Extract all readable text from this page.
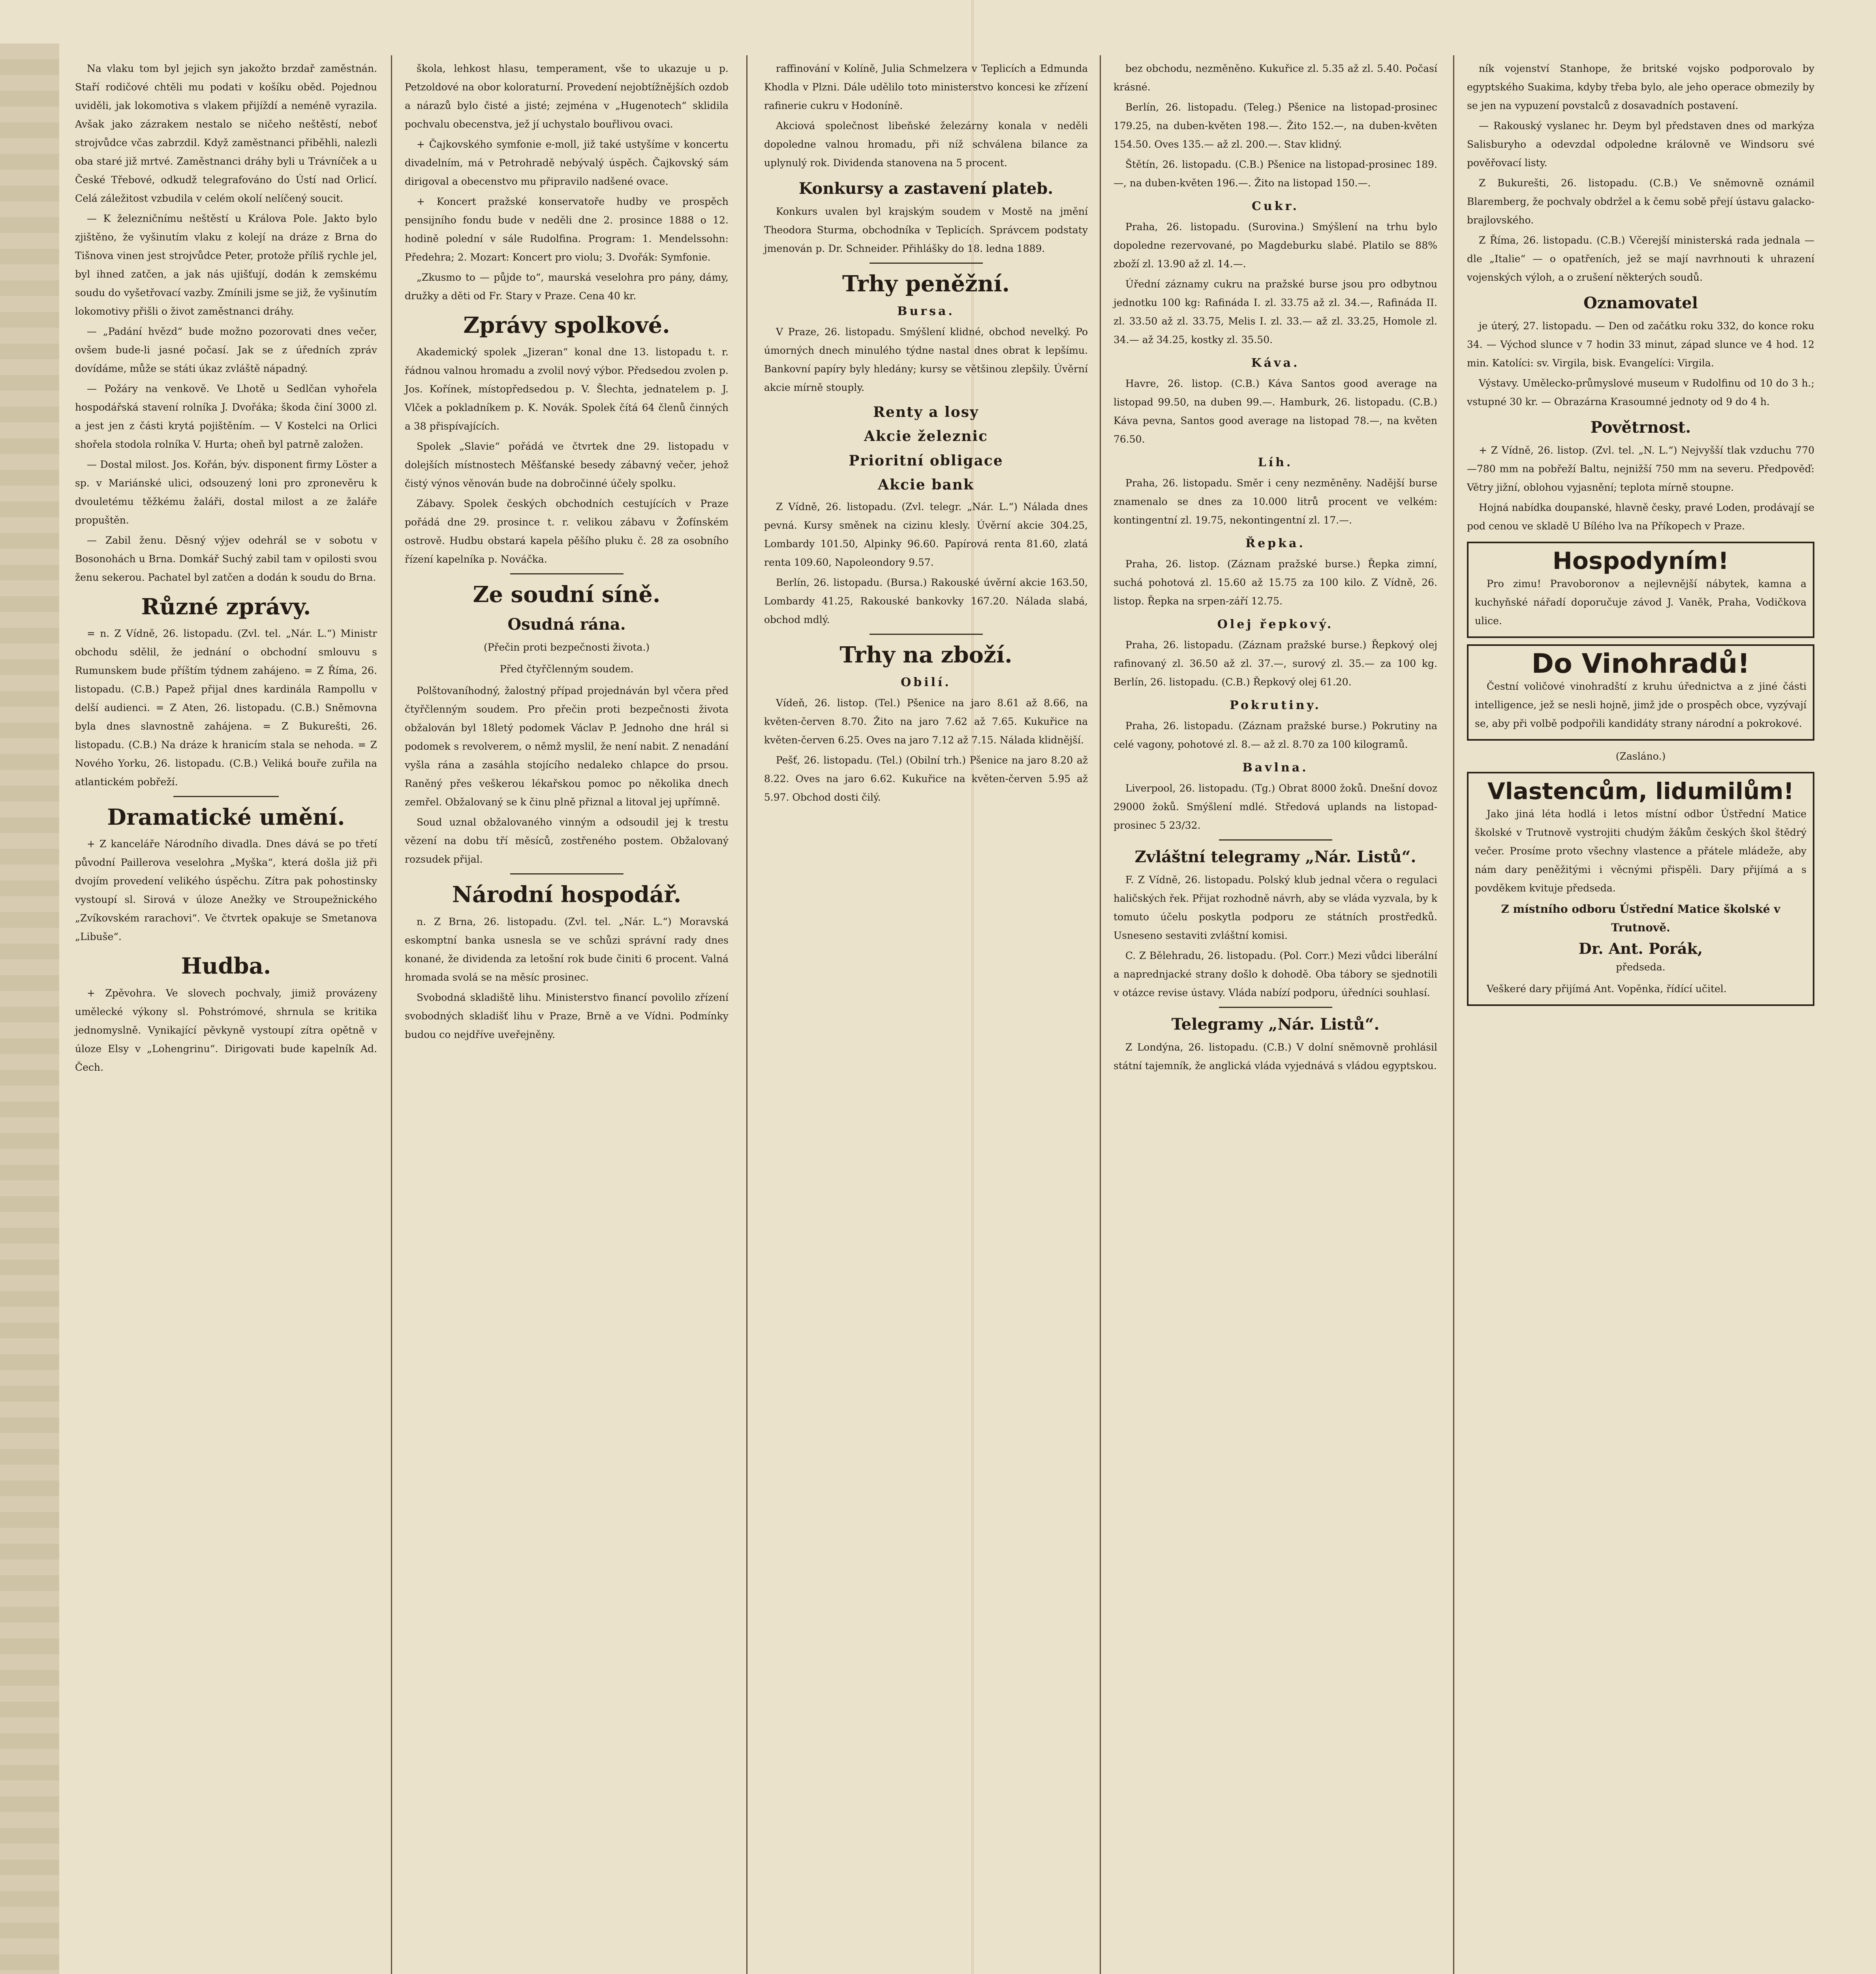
Na vlaku tom byl jejich syn jakožto brzdař zaměstnán. Staří rodičové chtěli mu podati v košíku oběd. Pojednou uviděli, jak lokomotiva s vlakem přijíždí a neméně vyrazila. Avšak jako zázrakem nestalo se ničeho neštěstí, neboť strojvůdce včas zabrzdil. Když zaměstnanci přiběhli, nalezli oba staré již mrtvé. Zaměstnanci dráhy byli u Trávníček a u České Třebové, odkudž telegrafováno do Ústí nad Orlicí. Celá záležitost vzbudila v celém okolí nelíčený soucit.

— K železničnímu neštěstí u Králova Pole. Jakto bylo zjištěno, že vyšinutím vlaku z kolejí na dráze z Brna do Tišnova vinen jest strojvůdce Peter, protože příliš rychle jel, byl ihned zatčen, a jak nás ujišťují, dodán k zemskému soudu do vyšetřovací vazby. Zmínili jsme se již, že vyšinutím lokomotivy přišli o život zaměstnanci dráhy.

— „Padání hvězd“ bude možno pozorovati dnes večer, ovšem bude-li jasné počasí. Jak se z úředních zpráv dovídáme, může se státi úkaz zvláště nápadný.

— Požáry na venkově. Ve Lhotě u Sedlčan vyhořela hospodářská stavení rolníka J. Dvořáka; škoda činí 3000 zl. a jest jen z části krytá pojištěním. — V Kostelci na Orlici shořela stodola rolníka V. Hurta; oheň byl patrně založen.

— Dostal milost. Jos. Kořán, býv. disponent firmy Löster a sp. v Mariánské ulici, odsouzený loni pro zpronevěru k dvouletému těžkému žaláři, dostal milost a ze žaláře propuštěn.

— Zabil ženu. Děsný výjev odehrál se v sobotu v Bosonohách u Brna. Domkář Suchý zabil tam v opilosti svou ženu sekerou. Pachatel byl zatčen a dodán k soudu do Brna.

Různé zprávy.

= n. Z Vídně, 26. listopadu. (Zvl. tel. „Nár. L.“) Ministr obchodu sdělil, že jednání o obchodní smlouvu s Rumunskem bude příštím týdnem zahájeno. = Z Říma, 26. listopadu. (C.B.) Papež přijal dnes kardinála Rampollu v delší audienci. = Z Aten, 26. listopadu. (C.B.) Sněmovna byla dnes slavnostně zahájena. = Z Bukurešti, 26. listopadu. (C.B.) Na dráze k hranicím stala se nehoda. = Z Nového Yorku, 26. listopadu. (C.B.) Veliká bouře zuřila na atlantickém pobřeží.

Dramatické umění.

+ Z kanceláře Národního divadla. Dnes dává se po třetí původní Paillerova veselohra „Myška“, která došla již při dvojím provedení velikého úspěchu. Zítra pak pohostinsky vystoupí sl. Sirová v úloze Anežky ve Stroupežnického „Zvíkovském rarachovi“. Ve čtvrtek opakuje se Smetanova „Libuše“.

Hudba.

+ Zpěvohra. Ve slovech pochvaly, jimiž provázeny umělecké výkony sl. Pohstrómové, shrnula se kritika jednomyslně. Vynikající pěvkyně vystoupí zítra opětně v úloze Elsy v „Lohengrinu“. Dirigovati bude kapelník Ad. Čech.

škola, lehkost hlasu, temperament, vše to ukazuje u p. Petzoldové na obor koloraturní. Provedení nejobtížnějších ozdob a nárazů bylo čisté a jisté; zejména v „Hugenotech“ sklidila pochvalu obecenstva, jež jí uchystalo bouřlivou ovaci.

+ Čajkovského symfonie e-moll, již také ustyšíme v koncertu divadelním, má v Petrohradě nebývalý úspěch. Čajkovský sám dirigoval a obecenstvo mu připravilo nadšené ovace.

+ Koncert pražské konservatoře hudby ve prospěch pensijního fondu bude v neděli dne 2. prosince 1888 o 12. hodině polední v sále Rudolfina. Program: 1. Mendelssohn: Předehra; 2. Mozart: Koncert pro violu; 3. Dvořák: Symfonie.

„Zkusmo to — půjde to“, maurská veselohra pro pány, dámy, družky a děti od Fr. Stary v Praze. Cena 40 kr.

Zprávy spolkové.

Akademický spolek „Jizeran“ konal dne 13. listopadu t. r. řádnou valnou hromadu a zvolil nový výbor. Předsedou zvolen p. Jos. Kořínek, místopředsedou p. V. Šlechta, jednatelem p. J. Vlček a pokladníkem p. K. Novák. Spolek čítá 64 členů činných a 38 přispívajících.

Spolek „Slavie“ pořádá ve čtvrtek dne 29. listopadu v dolejších místnostech Měšťanské besedy zábavný večer, jehož čistý výnos věnován bude na dobročinné účely spolku.

Zábavy. Spolek českých obchodních cestujících v Praze pořádá dne 29. prosince t. r. velikou zábavu v Žofínském ostrově. Hudbu obstará kapela pěšího pluku č. 28 za osobního řízení kapelníka p. Nováčka.

Ze soudní síně.
Osudná rána.
(Přečin proti bezpečnosti života.)
Před čtyřčlenným soudem.

Polštovaníhodný, žalostný případ projednáván byl včera před čtyřčlenným soudem. Pro přečin proti bezpečnosti života obžalován byl 18letý podomek Václav P. Jednoho dne hrál si podomek s revolverem, o němž myslil, že není nabit. Z nenadání vyšla rána a zasáhla stojícího nedaleko chlapce do prsou. Raněný přes veškerou lékařskou pomoc po několika dnech zemřel. Obžalovaný se k činu plně přiznal a litoval jej upřímně.

Soud uznal obžalovaného vinným a odsoudil jej k trestu vězení na dobu tří měsíců, zostřeného postem. Obžalovaný rozsudek přijal.

Národní hospodář.

n. Z Brna, 26. listopadu. (Zvl. tel. „Nár. L.“) Moravská eskomptní banka usnesla se ve schůzi správní rady dnes konané, že dividenda za letošní rok bude činiti 6 procent. Valná hromada svolá se na měsíc prosinec.

Svobodná skladiště lihu. Ministerstvo financí povolilo zřízení svobodných skladišť lihu v Praze, Brně a ve Vídni. Podmínky budou co nejdříve uveřejněny.

raffinování v Kolíně, Julia Schmelzera v Teplicích a Edmunda Khodla v Plzni. Dále udělilo toto ministerstvo koncesi ke zřízení rafinerie cukru v Hodoníně.

Akciová společnost libeňské železárny konala v neděli dopoledne valnou hromadu, při níž schválena bilance za uplynulý rok. Dividenda stanovena na 5 procent.

Konkursy a zastavení plateb.

Konkurs uvalen byl krajským soudem v Mostě na jmění Theodora Sturma, obchodníka v Teplicích. Správcem podstaty jmenován p. Dr. Schneider. Přihlášky do 18. ledna 1889.

Trhy peněžní.
Bursa.

V Praze, 26. listopadu. Smýšlení klidné, obchod nevelký. Po úmorných dnech minulého týdne nastal dnes obrat k lepšímu. Bankovní papíry byly hledány; kursy se většinou zlepšily. Úvěrní akcie mírně stouply.

Renty a losy
Akcie železnic
Prioritní obligace
Akcie bank

Z Vídně, 26. listopadu. (Zvl. telegr. „Nár. L.“) Nálada dnes pevná. Kursy směnek na cizinu klesly. Úvěrní akcie 304.25, Lombardy 101.50, Alpinky 96.60. Papírová renta 81.60, zlatá renta 109.60, Napoleondory 9.57.

Berlín, 26. listopadu. (Bursa.) Rakouské úvěrní akcie 163.50, Lombardy 41.25, Rakouské bankovky 167.20. Nálada slabá, obchod mdlý.

Trhy na zboží.
Obilí.

Vídeň, 26. listop. (Tel.) Pšenice na jaro 8.61 až 8.66, na květen-červen 8.70. Žito na jaro 7.62 až 7.65. Kukuřice na květen-červen 6.25. Oves na jaro 7.12 až 7.15. Nálada klidnější.

Pešť, 26. listopadu. (Tel.) (Obilní trh.) Pšenice na jaro 8.20 až 8.22. Oves na jaro 6.62. Kukuřice na květen-červen 5.95 až 5.97. Obchod dosti čilý.

bez obchodu, nezměněno. Kukuřice zl. 5.35 až zl. 5.40. Počasí krásné.

Berlín, 26. listopadu. (Teleg.) Pšenice na listopad-prosinec 179.25, na duben-květen 198.—. Žito 152.—, na duben-květen 154.50. Oves 135.— až zl. 200.—. Stav klidný.

Štětín, 26. listopadu. (C.B.) Pšenice na listopad-prosinec 189.—, na duben-květen 196.—. Žito na listopad 150.—.

Cukr.

Praha, 26. listopadu. (Surovina.) Smýšlení na trhu bylo dopoledne rezervované, po Magdeburku slabé. Platilo se 88% zboží zl. 13.90 až zl. 14.—.

Úřední záznamy cukru na pražské burse jsou pro odbytnou jednotku 100 kg: Rafináda I. zl. 33.75 až zl. 34.—, Rafináda II. zl. 33.50 až zl. 33.75, Melis I. zl. 33.— až zl. 33.25, Homole zl. 34.— až 34.25, kostky zl. 35.50.

Káva.

Havre, 26. listop. (C.B.) Káva Santos good average na listopad 99.50, na duben 99.—. Hamburk, 26. listopadu. (C.B.) Káva pevna, Santos good average na listopad 78.—, na květen 76.50.

Líh.

Praha, 26. listopadu. Směr i ceny nezměněny. Nadější burse znamenalo se dnes za 10.000 litrů procent ve velkém: kontingentní zl. 19.75, nekontingentní zl. 17.—.

Řepka.

Praha, 26. listop. (Záznam pražské burse.) Řepka zimní, suchá pohotová zl. 15.60 až 15.75 za 100 kilo. Z Vídně, 26. listop. Řepka na srpen-září 12.75.

Olej řepkový.

Praha, 26. listopadu. (Záznam pražské burse.) Řepkový olej rafinovaný zl. 36.50 až zl. 37.—, surový zl. 35.— za 100 kg. Berlín, 26. listopadu. (C.B.) Řepkový olej 61.20.

Pokrutiny.

Praha, 26. listopadu. (Záznam pražské burse.) Pokrutiny na celé vagony, pohotové zl. 8.— až zl. 8.70 za 100 kilogramů.

Bavlna.

Liverpool, 26. listopadu. (Tg.) Obrat 8000 žoků. Dnešní dovoz 29000 žoků. Smýšlení mdlé. Středová uplands na listopad-prosinec 5 23/32.

Zvláštní telegramy „Nár. Listů“.

F. Z Vídně, 26. listopadu. Polský klub jednal včera o regulaci haličských řek. Přijat rozhodně návrh, aby se vláda vyzvala, by k tomuto účelu poskytla podporu ze státních prostředků. Usneseno sestaviti zvláštní komisi.

C. Z Bělehradu, 26. listopadu. (Pol. Corr.) Mezi vůdci liberální a naprednjacké strany došlo k dohodě. Oba tábory se sjednotili v otázce revise ústavy. Vláda nabízí podporu, úředníci souhlasí.

Telegramy „Nár. Listů“.

Z Londýna, 26. listopadu. (C.B.) V dolní sněmovně prohlásil státní tajemník, že anglická vláda vyjednává s vládou egyptskou.

ník vojenství Stanhope, že britské vojsko podporovalo by egyptského Suakima, kdyby třeba bylo, ale jeho operace obmezily by se jen na vypuzení povstalců z dosavadních postavení.

— Rakouský vyslanec hr. Deym byl představen dnes od markýza Salisburyho a odevzdal odpoledne královně ve Windsoru své pověřovací listy.

Z Bukurešti, 26. listopadu. (C.B.) Ve sněmovně oznámil Blaremberg, že pochvaly obdržel a k čemu sobě přejí ústavu galacko-brajlovského.

Z Říma, 26. listopadu. (C.B.) Včerejší ministerská rada jednala — dle „Italie“ — o opatřeních, jež se mají navrhnouti k uhrazení vojenských výloh, a o zrušení některých soudů.

Oznamovatel

je úterý, 27. listopadu. — Den od začátku roku 332, do konce roku 34. — Východ slunce v 7 hodin 33 minut, západ slunce ve 4 hod. 12 min. Katolíci: sv. Virgila, bisk. Evangelíci: Virgila.

Výstavy. Umělecko-průmyslové museum v Rudolfinu od 10 do 3 h.; vstupné 30 kr. — Obrazárna Krasoumné jednoty od 9 do 4 h.

Povětrnost.

+ Z Vídně, 26. listop. (Zvl. tel. „N. L.“) Nejvyšší tlak vzduchu 770—780 mm na pobřeží Baltu, nejnižší 750 mm na severu. Předpověď: Větry jižní, oblohou vyjasnění; teplota mírně stoupne.

Hojná nabídka doupanské, hlavně česky, pravé Loden, prodávají se pod cenou ve skladě U Bílého lva na Příkopech v Praze.

Hospodyním!

Pro zimu! Pravoboronov a nejlevnější nábytek, kamna a kuchyňské nářadí doporučuje závod J. Vaněk, Praha, Vodičkova ulice.

Do Vinohradů!

Čestní voličové vinohradští z kruhu úřednictva a z jiné části intelligence, jež se nesli hojně, jimž jde o prospěch obce, vyzývají se, aby při volbě podpořili kandidáty strany národní a pokrokové.

(Zasláno.)
Vlastencům, lidumilům!

Jako jiná léta hodlá i letos místní odbor Ústřední Matice školské v Trutnově vystrojiti chudým žákům českých škol štědrý večer. Prosíme proto všechny vlastence a přátele mládeže, aby nám dary peněžitými i věcnými přispěli. Dary přijímá a s povděkem kvituje předseda.

Z místního odboru Ústřední Matice školské v Trutnově.
Dr. Ant. Porák,
předseda.

Veškeré dary přijímá Ant. Vopěnka, řídící učitel.
